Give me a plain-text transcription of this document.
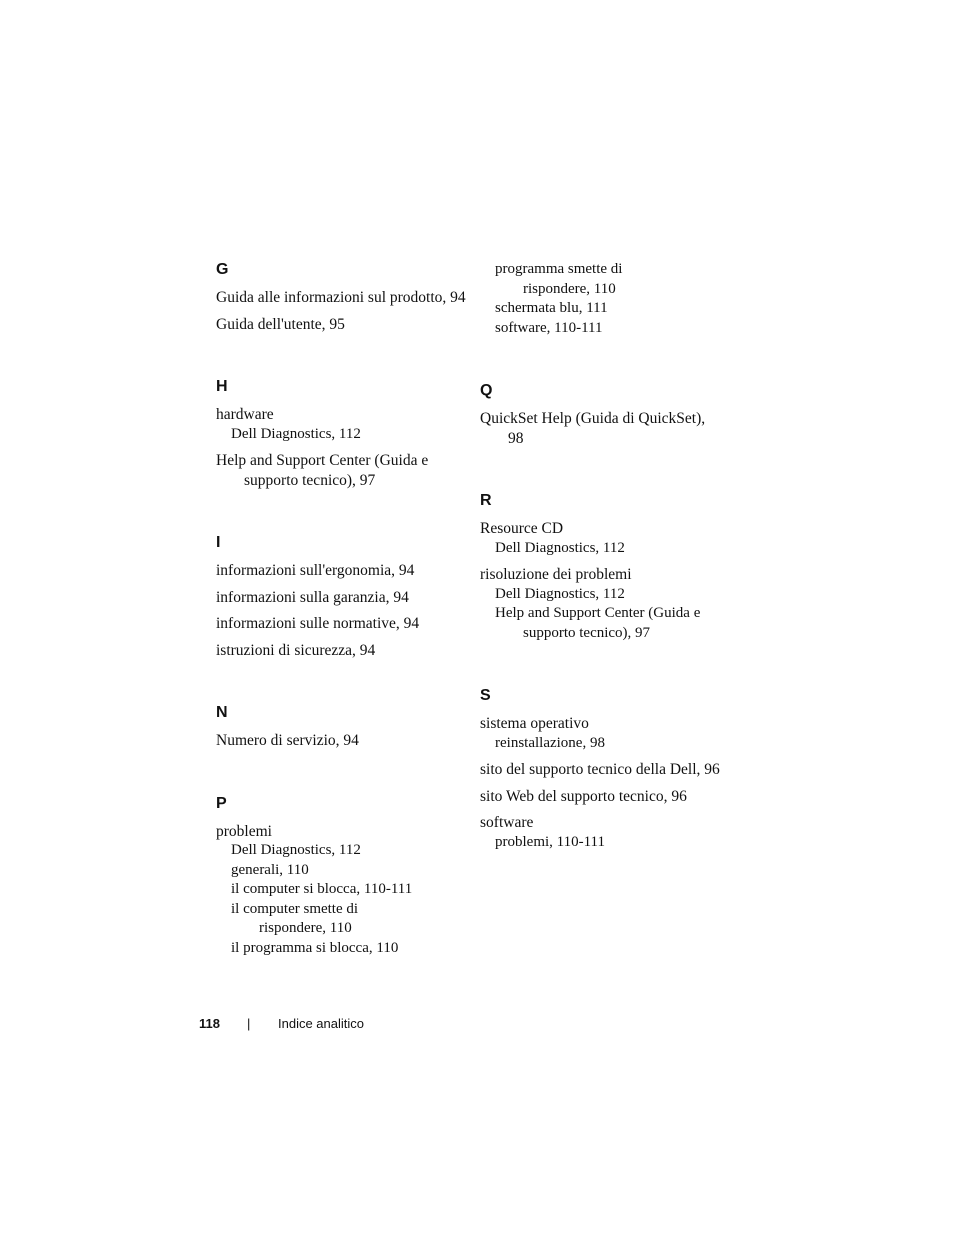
G
Guida alle informazioni sul prodotto, 94
Guida dell'utente, 95
H
hardware
Dell Diagnostics, 112
Help and Support Center (Guida e supporto tecnico), 97
I
informazioni sull'ergonomia, 94
informazioni sulla garanzia, 94
informazioni sulle normative, 94
istruzioni di sicurezza, 94
N
Numero di servizio, 94
P
problemi
Dell Diagnostics, 112
generali, 110
il computer si blocca, 110-111
il computer smette di rispondere, 110
il programma si blocca, 110
programma smette di rispondere, 110
schermata blu, 111
software, 110-111
Q
QuickSet Help (Guida di QuickSet), 98
R
Resource CD
Dell Diagnostics, 112
risoluzione dei problemi
Dell Diagnostics, 112
Help and Support Center (Guida e supporto tecnico), 97
S
sistema operativo
reinstallazione, 98
sito del supporto tecnico della Dell, 96
sito Web del supporto tecnico, 96
software
problemi, 110-111
118 | Indice analitico
